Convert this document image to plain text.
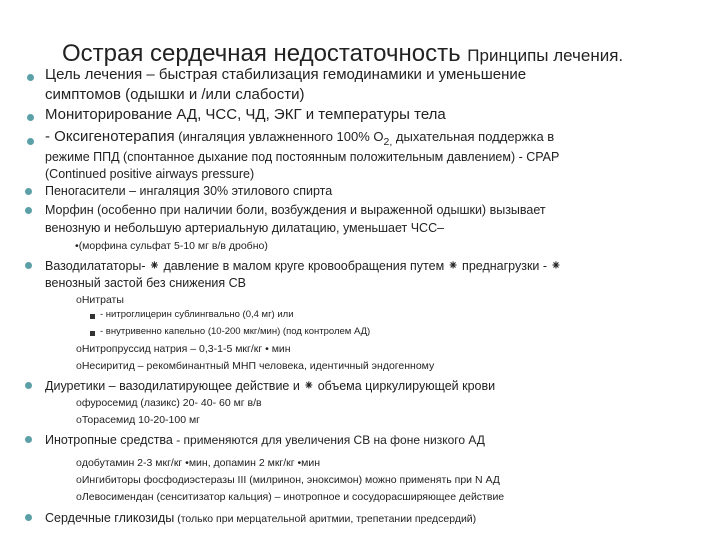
Острая сердечная недостаточность Принципы лечения.
Цель лечения – быстрая стабилизация гемодинамики и уменьшение
симптомов (одышки и /или слабости)
Мониторирование АД, ЧСС, ЧД, ЭКГ и температуры тела
- Оксигенотерапия (ингаляция увлажненного 100% $O_{2,}$ дыхательная поддержка в
режиме ППД (спонтанное дыхание под постоянным положительным давлением) - CPAP
(Continued positive airways pressure)
Пеногасители – ингаляция 30% этилового спирта
Морфин (особенно при наличии боли, возбуждения и выраженной одышки) вызывает
венозную и небольшую артериальную дилатацию, уменьшает ЧСС–
•(морфина сульфат 5-10 мг в/в дробно)
Вазодилататоры- ⁕ давление в малом круге кровообращения путем ⁕ преднагрузки - ⁕
венозный застой без снижения СВ
oНитраты
- нитроглицерин сублингвально (0,4 мг) или
- внутривенно капельно (10-200 мкг/мин) (под контролем АД)
oНитропруссид натрия – 0,3-1-5 мкг/кг • мин
oНесиритид – рекомбинантный МНП человека, идентичный эндогенному
Диуретики – вазодилатирующее действие и ⁕ объема циркулирующей крови
oфуросемид (лазикс) 20- 40- 60 мг в/в
oТорасемид 10-20-100 мг
Инотропные средства - применяются для увеличения СВ на фоне низкого АД
oдобутамин 2-3 мкг/кг •мин, допамин 2 мкг/кг •мин
oИнгибиторы фосфодиэстеразы III (милринон, эноксимон) можно применять при N АД
oЛевосимендан (сенситизатор кальция) – инотропное и сосудорасширяющее действие
Сердечные гликозиды (только при мерцательной аритмии, трепетании предсердий)
